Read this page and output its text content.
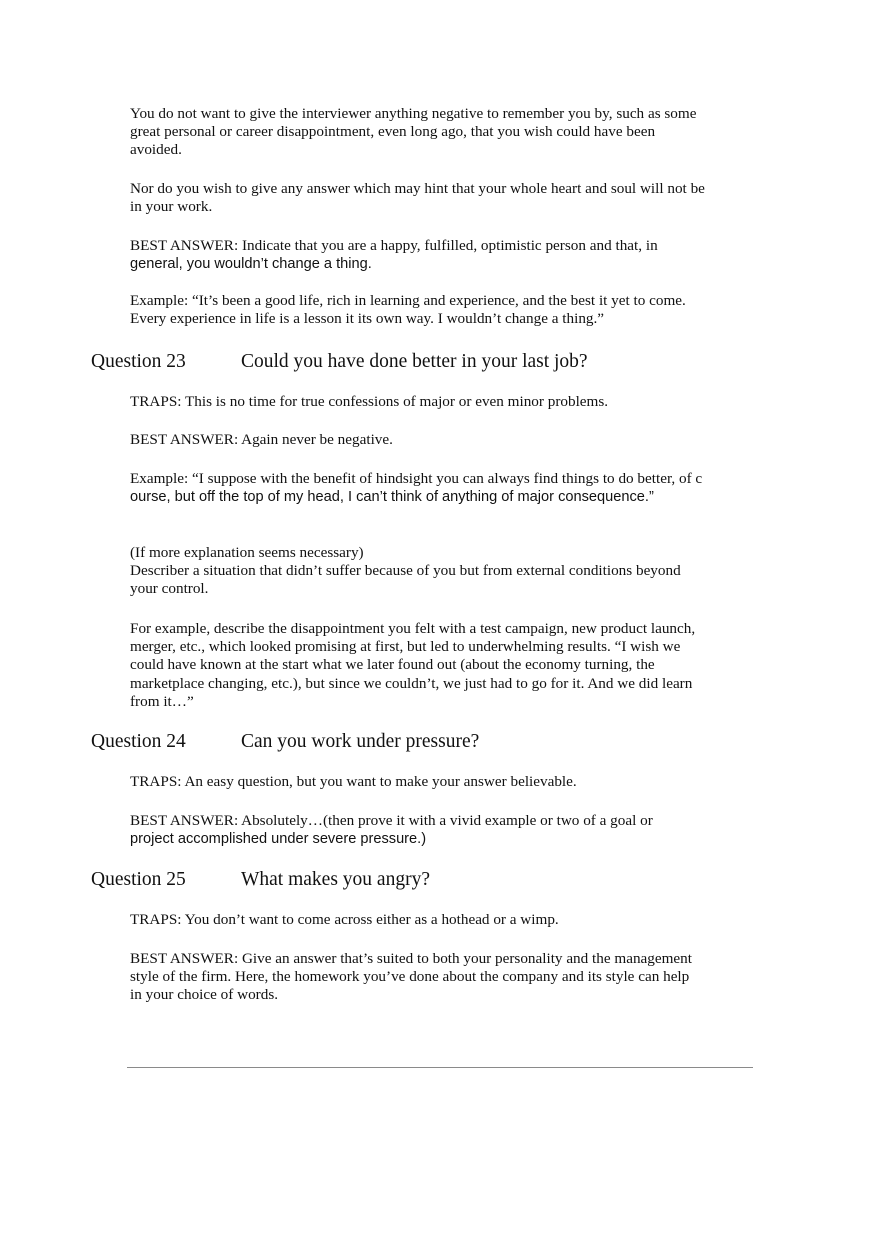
You do not want to give the interviewer anything negative to remember you by, such as some great personal or career disappointment, even long ago, that you wish could have been avoided.

Nor do you wish to give any answer which may hint that your whole heart and soul will not be in your work.

BEST ANSWER: Indicate that you are a happy, fulfilled, optimistic person and that, in
general, you wouldn’t change a thing.

Example: “It’s been a good life, rich in learning and experience, and the best it yet to come. Every experience in life is a lesson it its own way. I wouldn’t change a thing.”

Question 23	Could you have done better in your last job?

TRAPS: This is no time for true confessions of major or even minor problems.

BEST ANSWER: Again never be negative.

Example: “I suppose with the benefit of hindsight you can always find things to do better, of c ourse, but off the top of my head, I can’t think of anything of major consequence.”

(If more explanation seems necessary)
Describer a situation that didn’t suffer because of you but from external conditions beyond your control.

For example, describe the disappointment you felt with a test campaign, new product launch, merger, etc., which looked promising at first, but led to underwhelming results. “I wish we could have known at the start what we later found out (about the economy turning, the marketplace changing, etc.), but since we couldn’t, we just had to go for it. And we did learn from it…”

Question 24	Can you work under pressure?

TRAPS: An easy question, but you want to make your answer believable.

BEST ANSWER: Absolutely…(then prove it with a vivid example or two of a goal or
project accomplished under severe pressure.)

Question 25	What makes you angry?

TRAPS: You don’t want to come across either as a hothead or a wimp.

BEST ANSWER: Give an answer that’s suited to both your personality and the management style of the firm. Here, the homework you’ve done about the company and its style can help in your choice of words.
